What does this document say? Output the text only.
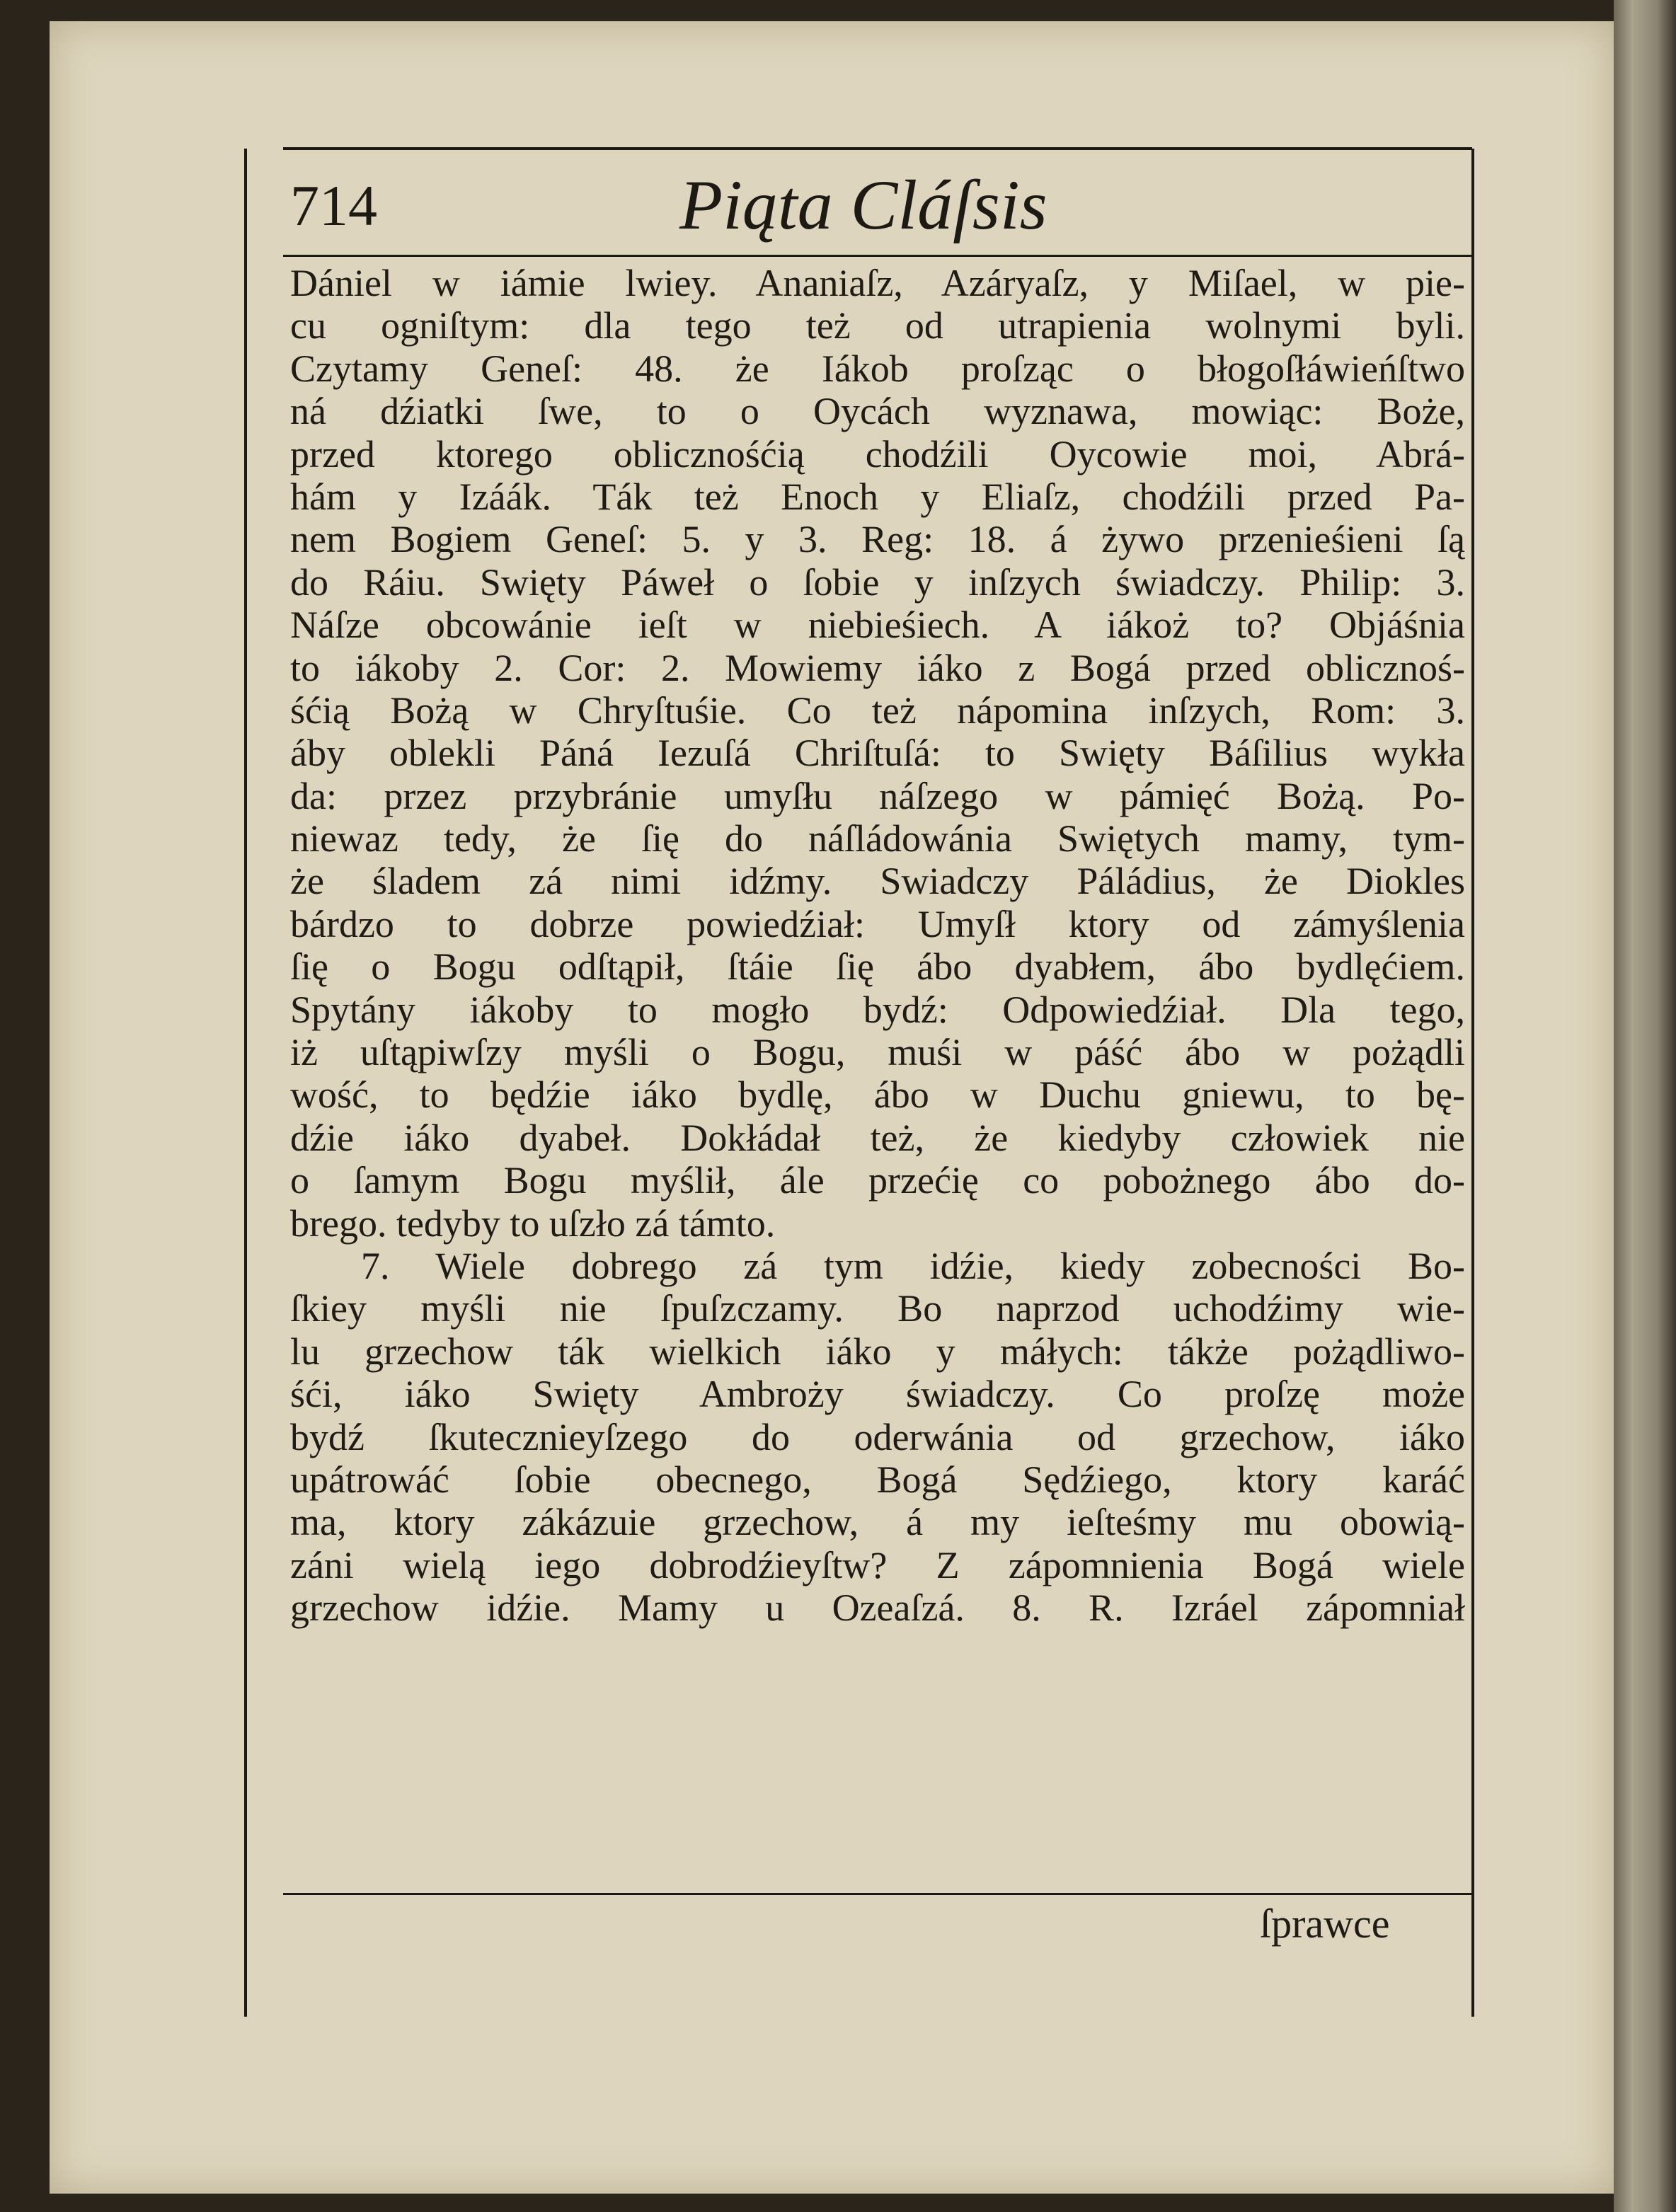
714	Piąta Cláſsis
Dániel w iámie lwiey. Ananiaſz, Azáryaſz, y Miſael, w pie-
cu ogniſtym: dla tego też od utrapienia wolnymi byli.
Czytamy Geneſ: 48. że Iákob proſząc o błogoſłáwieńſtwo
ná dźiatki ſwe, to o Oycách wyznawa, mowiąc: Boże,
przed ktorego oblicznośćią chodźili Oycowie moi, Abrá-
hám y Izáák. Ták też Enoch y Eliaſz, chodźili przed Pa-
nem Bogiem Geneſ: 5. y 3. Reg: 18. á żywo przenieśieni ſą
do Ráiu. Swięty Páweł o ſobie y inſzych świadczy. Philip: 3.
Náſze obcowánie ieſt w niebieśiech. A iákoż to? Objáśnia
to iákoby 2. Cor: 2. Mowiemy iáko z Bogá przed oblicznoś-
śćią Bożą w Chryſtuśie. Co też nápomina inſzych, Rom: 3.
áby oblekli Páná Iezuſá Chriſtuſá: to Swięty Báſilius wykła
da: przez przybránie umyſłu náſzego w pámięć Bożą. Po-
niewaz tedy, że ſię do náſládowánia Swiętych mamy, tym-
że śladem zá nimi idźmy. Swiadczy Páládius, że Diokles
bárdzo to dobrze powiedźiał: Umyſł ktory od zámyślenia
ſię o Bogu odſtąpił, ſtáie ſię ábo dyabłem, ábo bydlęćiem.
Spytány iákoby to mogło bydź: Odpowiedźiał. Dla tego,
iż uſtąpiwſzy myśli o Bogu, muśi w páść ábo w pożądli
wość, to będźie iáko bydlę, ábo w Duchu gniewu, to bę-
dźie iáko dyabeł. Dokłádał też, że kiedyby człowiek nie
o ſamym Bogu myślił, ále przećię co pobożnego ábo do-
brego. tedyby to uſzło zá támto.
7. Wiele dobrego zá tym idźie, kiedy zobecności Bo-
ſkiey myśli nie ſpuſzczamy. Bo naprzod uchodźimy wie-
lu grzechow ták wielkich iáko y máłych: tákże pożądliwo-
śći, iáko Swięty Ambroży świadczy. Co proſzę może
bydź ſkutecznieyſzego do oderwánia od grzechow, iáko
upátrowáć ſobie obecnego, Bogá Sędźiego, ktory karáć
ma, ktory zákázuie grzechow, á my ieſteśmy mu obowią-
záni wielą iego dobrodźieyſtw? Z zápomnienia Bogá wiele
grzechow idźie. Mamy u Ozeaſzá. 8. R. Izráel zápomniał
ſprawce
